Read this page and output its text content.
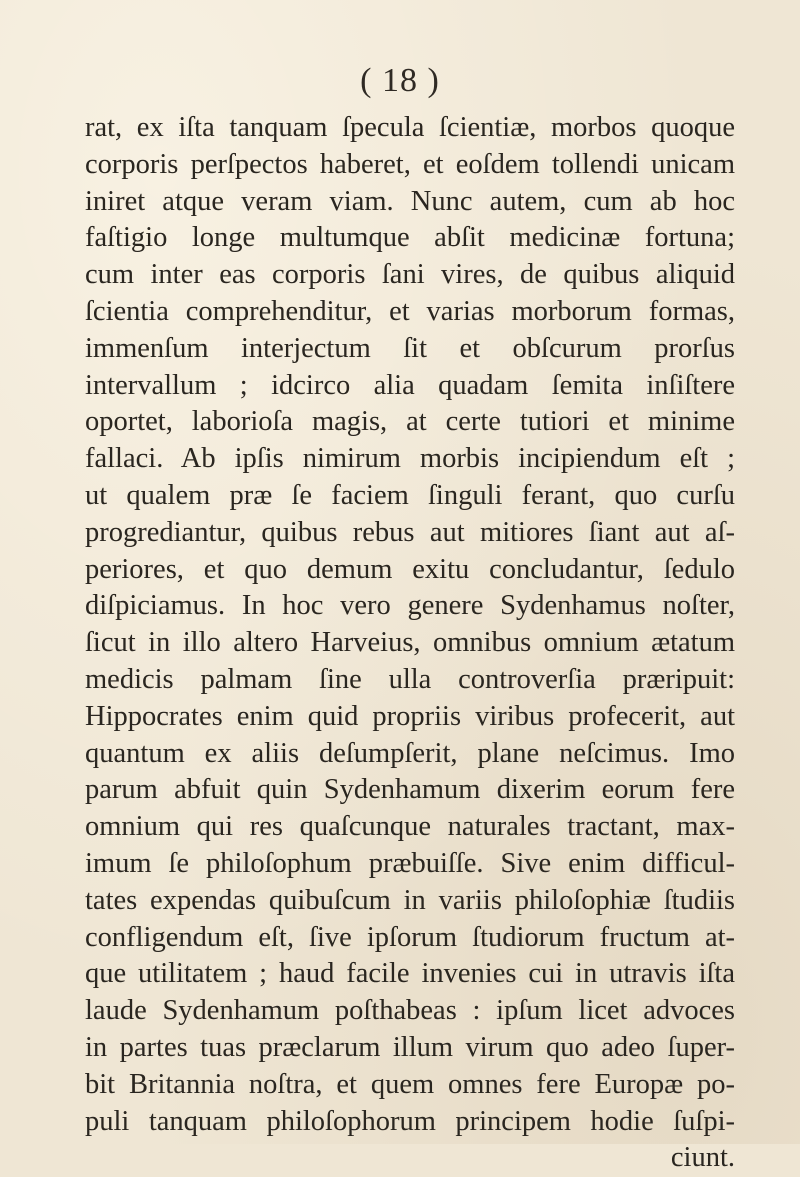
( 18 )
rat, ex iſta tanquam ſpecula ſcientiæ, morbos quoque
corporis perſpectos haberet, et eoſdem tollendi unicam
iniret atque veram viam. Nunc autem, cum ab hoc
faſtigio longe multumque abſit medicinæ fortuna;
cum inter eas corporis ſani vires, de quibus aliquid
ſcientia comprehenditur, et varias morborum formas,
immenſum interjectum ſit et obſcurum prorſus
intervallum ; idcirco alia quadam ſemita inſiſtere
oportet, laborioſa magis, at certe tutiori et minime
fallaci. Ab ipſis nimirum morbis incipiendum eſt ;
ut qualem præ ſe faciem ſinguli ferant, quo curſu
progrediantur, quibus rebus aut mitiores ſiant aut aſ-
periores, et quo demum exitu concludantur, ſedulo
diſpiciamus. In hoc vero genere Sydenhamus noſter,
ſicut in illo altero Harveius, omnibus omnium ætatum
medicis palmam ſine ulla controverſia præripuit:
Hippocrates enim quid propriis viribus profecerit, aut
quantum ex aliis deſumpſerit, plane neſcimus. Imo
parum abfuit quin Sydenhamum dixerim eorum fere
omnium qui res quaſcunque naturales tractant, max-
imum ſe philoſophum præbuiſſe. Sive enim difficul-
tates expendas quibuſcum in variis philoſophiæ ſtudiis
confligendum eſt, ſive ipſorum ſtudiorum fructum at-
que utilitatem ; haud facile invenies cui in utravis iſta
laude Sydenhamum poſthabeas : ipſum licet advoces
in partes tuas præclarum illum virum quo adeo ſuper-
bit Britannia noſtra, et quem omnes fere Europæ po-
puli tanquam philoſophorum principem hodie ſuſpi-
ciunt.
